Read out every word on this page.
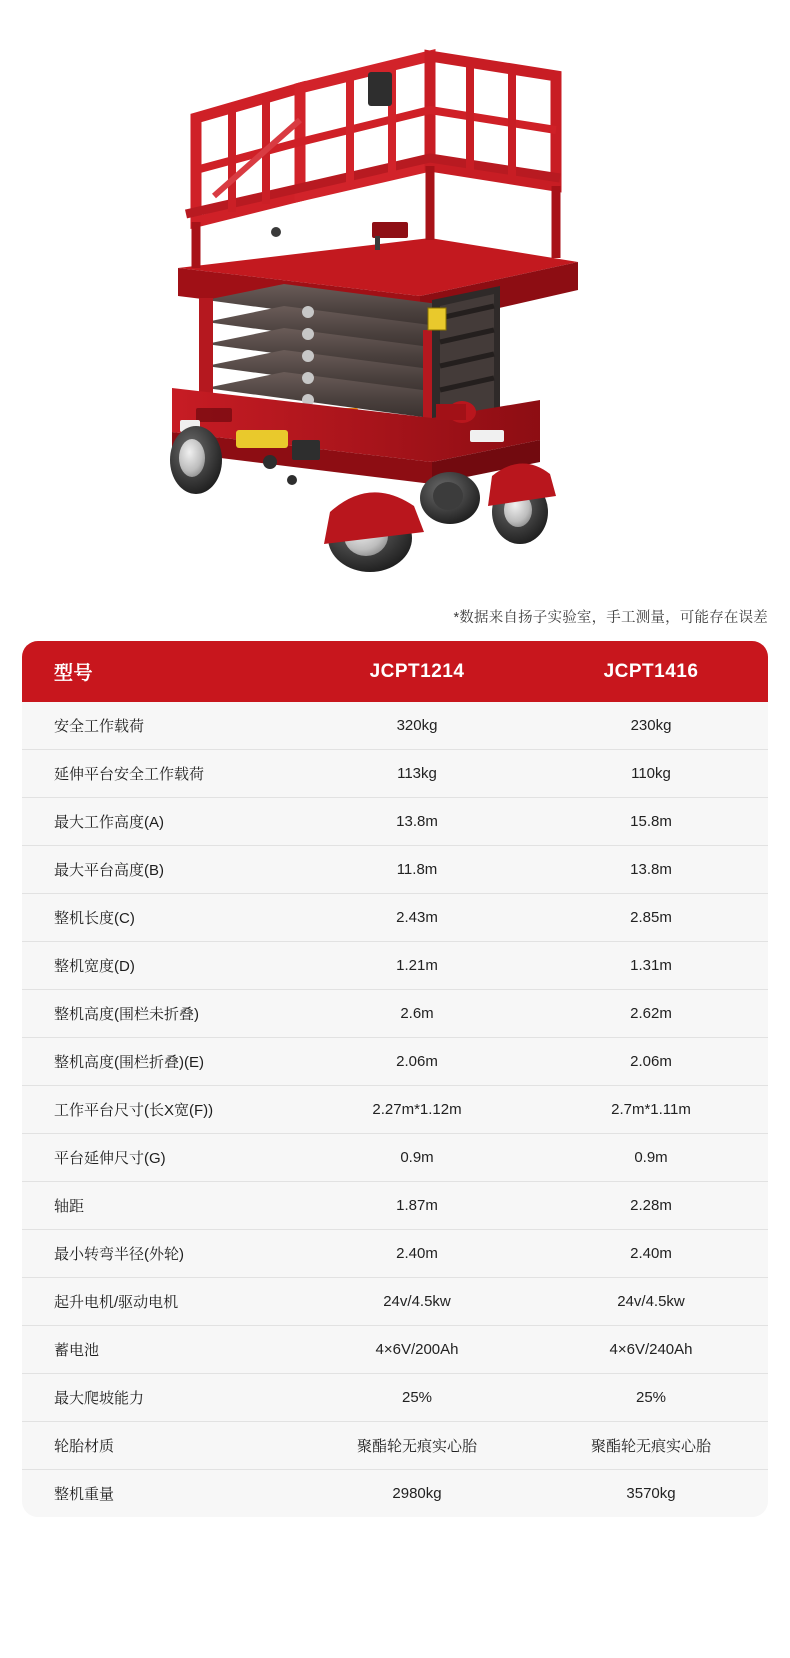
*数据来自扬子实验室，手工测量，可能存在误差
型号	JCPT1214	JCPT1416
安全工作载荷	320kg	230kg
延伸平台安全工作载荷	113kg	110kg
最大工作高度(A)	13.8m	15.8m
最大平台高度(B)	11.8m	13.8m
整机长度(C)	2.43m	2.85m
整机宽度(D)	1.21m	1.31m
整机高度(围栏未折叠)	2.6m	2.62m
整机高度(围栏折叠)(E)	2.06m	2.06m
工作平台尺寸(长X宽(F))	2.27m*1.12m	2.7m*1.11m
平台延伸尺寸(G)	0.9m	0.9m
轴距	1.87m	2.28m
最小转弯半径(外轮)	2.40m	2.40m
起升电机/驱动电机	24v/4.5kw	24v/4.5kw
蓄电池	4×6V/200Ah	4×6V/240Ah
最大爬坡能力	25%	25%
轮胎材质	聚酯轮无痕实心胎	聚酯轮无痕实心胎
整机重量	2980kg	3570kg
